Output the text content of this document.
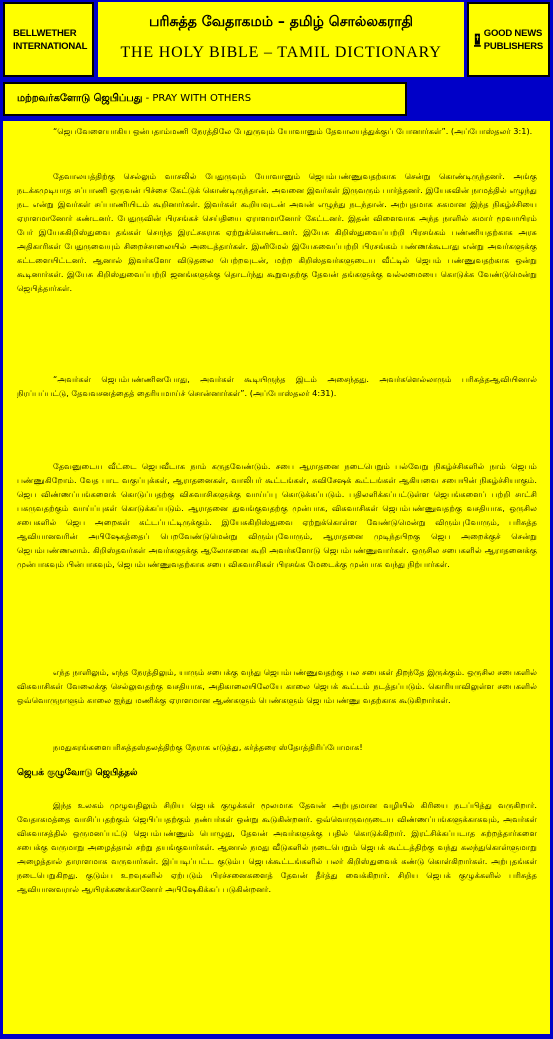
BELLWETHER
INTERNATIONAL
பரிசுத்த வேதாகமம் – தமிழ் சொல்லகராதி
THE HOLY BIBLE – TAMIL DICTIONARY
GOOD NEWS
PUBLISHERS
மற்றவர்களோடு ஜெபிப்பது - PRAY WITH OTHERS

“ஜெபவேளையாகிய ஒன்பதாம்மணி நேரத்திலே பேதுருவும் யோவானும் தேவாலயத்துக்குப் போனார்கள்”. (அப்போஸ்தலர் 3:1).

தேவாலயத்திற்கு செல்லும் வாசலில் பேதுருவும் யோவானும் ஜெபம்பண்ணுவதற்காக சென்று கொண்டிருந்தனர். அங்கு நடக்கமுடியாத சப்பாணி ஒருவன் பிச்சை கேட்டுக் கொண்டிருந்தான். அவனை இவர்கள் இருவரும் பார்த்தனர். இயேசுவின் நாமத்தில் எழுந்து நட என்று இவர்கள் சப்பாணியிடம் கூறினார்கள். இவர்கள் கூறியவுடன் அவன் எழுந்து நடந்தான். அற்புதமாக சுகமான இந்த நிகழ்ச்சியை ஏராளமானோர் கண்டனர். பேதுருவின் பிரசங்கச் செய்தியை ஏராளமானோர் கேட்டனர். இதன் விளைவாக அந்த நாளில் சுமார் மூவாயிரம் பேர் இயேசுகிறிஸ்துவை தங்கள் சொந்த இரட்சகராக ஏற்றுக்கொண்டனர். இயேசு கிறிஸ்துவைப்பற்றி பிரசங்கம் பண்ணியதற்காக அரசு அதிகாரிகள் பேதுருவையும் சிறைச்சாலையில் அடைத்தார்கள். இனிமேல் இயேசுவைப்பற்றி பிரசங்கம் பண்ணக்கூடாது என்று அவர்களுக்கு கட்டளையிட்டனர். ஆனால் இவர்களோ விடுதலை பெற்றவுடன், மற்ற கிறிஸ்தவர்களுடைய வீட்டில் ஜெபம் பண்ணுவதற்காக ஒன்று கூடினார்கள். இயேசு கிறிஸ்துவைப்பற்றி ஜனங்களுக்கு தொடர்ந்து கூறுவதற்கு தேவன் தங்களுக்கு வல்லமையை கொடுக்க வேண்டுமென்று ஜெபித்தார்கள்.

“அவர்கள் ஜெபம்பண்ணினபோது, அவர்கள் கூடியிருந்த இடம் அசைந்தது. அவர்களெல்லாரும் பரிசுத்தஆவியினால் நிரப்பப்பட்டு, தேவவசனத்தைத் தைரியமாய்ச் சொன்னார்கள்”. (அப்போஸ்தலர் 4:31).

தேவனுடைய வீட்டை ஜெபவீடாக நாம் கருதவேண்டும். சபை ஆராதனை நடைபெறும் பல்வேறு நிகழ்ச்சிகளில் நாம் ஜெபம் பண்ணுகிறோம். வேத பாட வகுப்புக்கள், ஆராதனைகள், வாலிபர் கூட்டங்கள், சுவிசேஷக் கூட்டங்கள் ஆகியவை சபையின் நிகழ்ச்சியாகும். ஜெப விண்ணப்பங்களைக் கொடுப்பதற்கு விசுவாசிகளுக்கு வாய்ப்பு கொடுக்கப்படும். பதிலளிக்கப்பட்டுள்ள ஜெபங்களைப் பற்றி சாட்சி பகருவதற்கும் வாய்ப்புகள் கொடுக்கப்படும். ஆராதனை துவங்குவதற்கு முன்பாக, விசுவாசிகள் ஜெபம்பண்ணுவதற்கு வசதியாக, ஒருசில சபைகளில் ஜெப அறைகள் கட்டப்பட்டிருக்கும். இயேசுகிறிஸ்துவை ஏற்றுக்கொள்ள வேண்டுமென்று விரும்புவோரும், பரிசுத்த ஆவியானவரின் அபிஷேகத்தைப் பெறவேண்டுமென்று விரும்புவோரும், ஆராதனை முடிந்தபிறகு ஜெப அறைக்குச் சென்று ஜெபம்பண்ணலாம். கிறிஸ்தவர்கள் அவர்களுக்கு ஆலோசனை கூறி அவர்களோடு ஜெபம்பண்ணுவார்கள். ஒருசில சபைகளில் ஆராதனைக்கு முன்பாகவும் பின்பாகவும், ஜெபம்பண்ணுவதற்காக சபை விசுவாசிகள் பிரசங்க மேடைக்கு முன்பாக வந்து நிற்பார்கள்.

எந்த நாளிலும், எந்த நேரத்திலும், யாரும் சபைக்கு வந்து ஜெபம்பண்ணுவதற்கு பல சபைகள் திறந்தே இருக்கும். ஒருசில சபைகளில் விசுவாசிகள் வேலைக்கு செல்லுவதற்கு வசதியாக, அதிகாலையிலேயே காலை ஜெபக் கூட்டம் நடத்தப்படும். கொரியாவிலுள்ள சபைகளில் ஒவ்வொருநாளும் காலை ஐந்து மணிக்கு ஏராளமான ஆண்களும் பெண்களும் ஜெபம்பண்ணு வதற்காக கூடுகிறார்கள்.

நமதுகரங்களைபரிசுத்தஸ்தலத்திற்கு நேராக எடுத்து, கர்த்தரை ஸ்தோத்திரிப்போமாக!

ஜெபக் குழுவோடு ஜெபித்தல்

இந்த உலகம் முழுவதிலும் சிறிய ஜெபக் குழுக்கள் மூலமாக தேவன் அற்புதமான வழியில் கிரியை நடப்பித்து வருகிறார். வேதாகமத்தை வாசிப்பதற்கும் ஜெபிப்பதற்கும் நண்பர்கள் ஒன்று கூடுகின்றனர். ஒவ்வொருவருடைய விண்ணப்பங்களுக்காகவும், அவர்கள் விசுவாசத்தில் ஒருமனப்பட்டு ஜெபம்பண்ணும் பொழுது, தேவன் அவர்களுக்கு பதில் கொடுக்கிறார். இரட்சிக்கப்படாத சுற்றத்தார்களை சபைக்கு வருமாறு அழைத்தால் சற்று தயங்குவார்கள். ஆனால் நமது வீடுகளில் நடைபெறும் ஜெபக் கூட்டத்திற்கு வந்து கலந்துகொள்ளுமாறு அழைத்தால் தாராளமாக வருவார்கள். இப்படிப்பட்ட குடும்ப ஜெபக்கூட்டங்களில் பலர் கிறிஸ்துவைக் கண்டு கொள்கிறார்கள். அற்புதங்கள் நடைபெறுகிறது. குடும்ப உறவுகளில் ஏற்படும் பிரச்சனைகளைத் தேவன் தீர்த்து வைக்கிறார். சிறிய ஜெபக் குழுக்களில் பரிசுத்த ஆவியானவரால் ஆயிரக்கணக்கானோர் அபிஷேகிக்கப் படுகின்றனர்.
